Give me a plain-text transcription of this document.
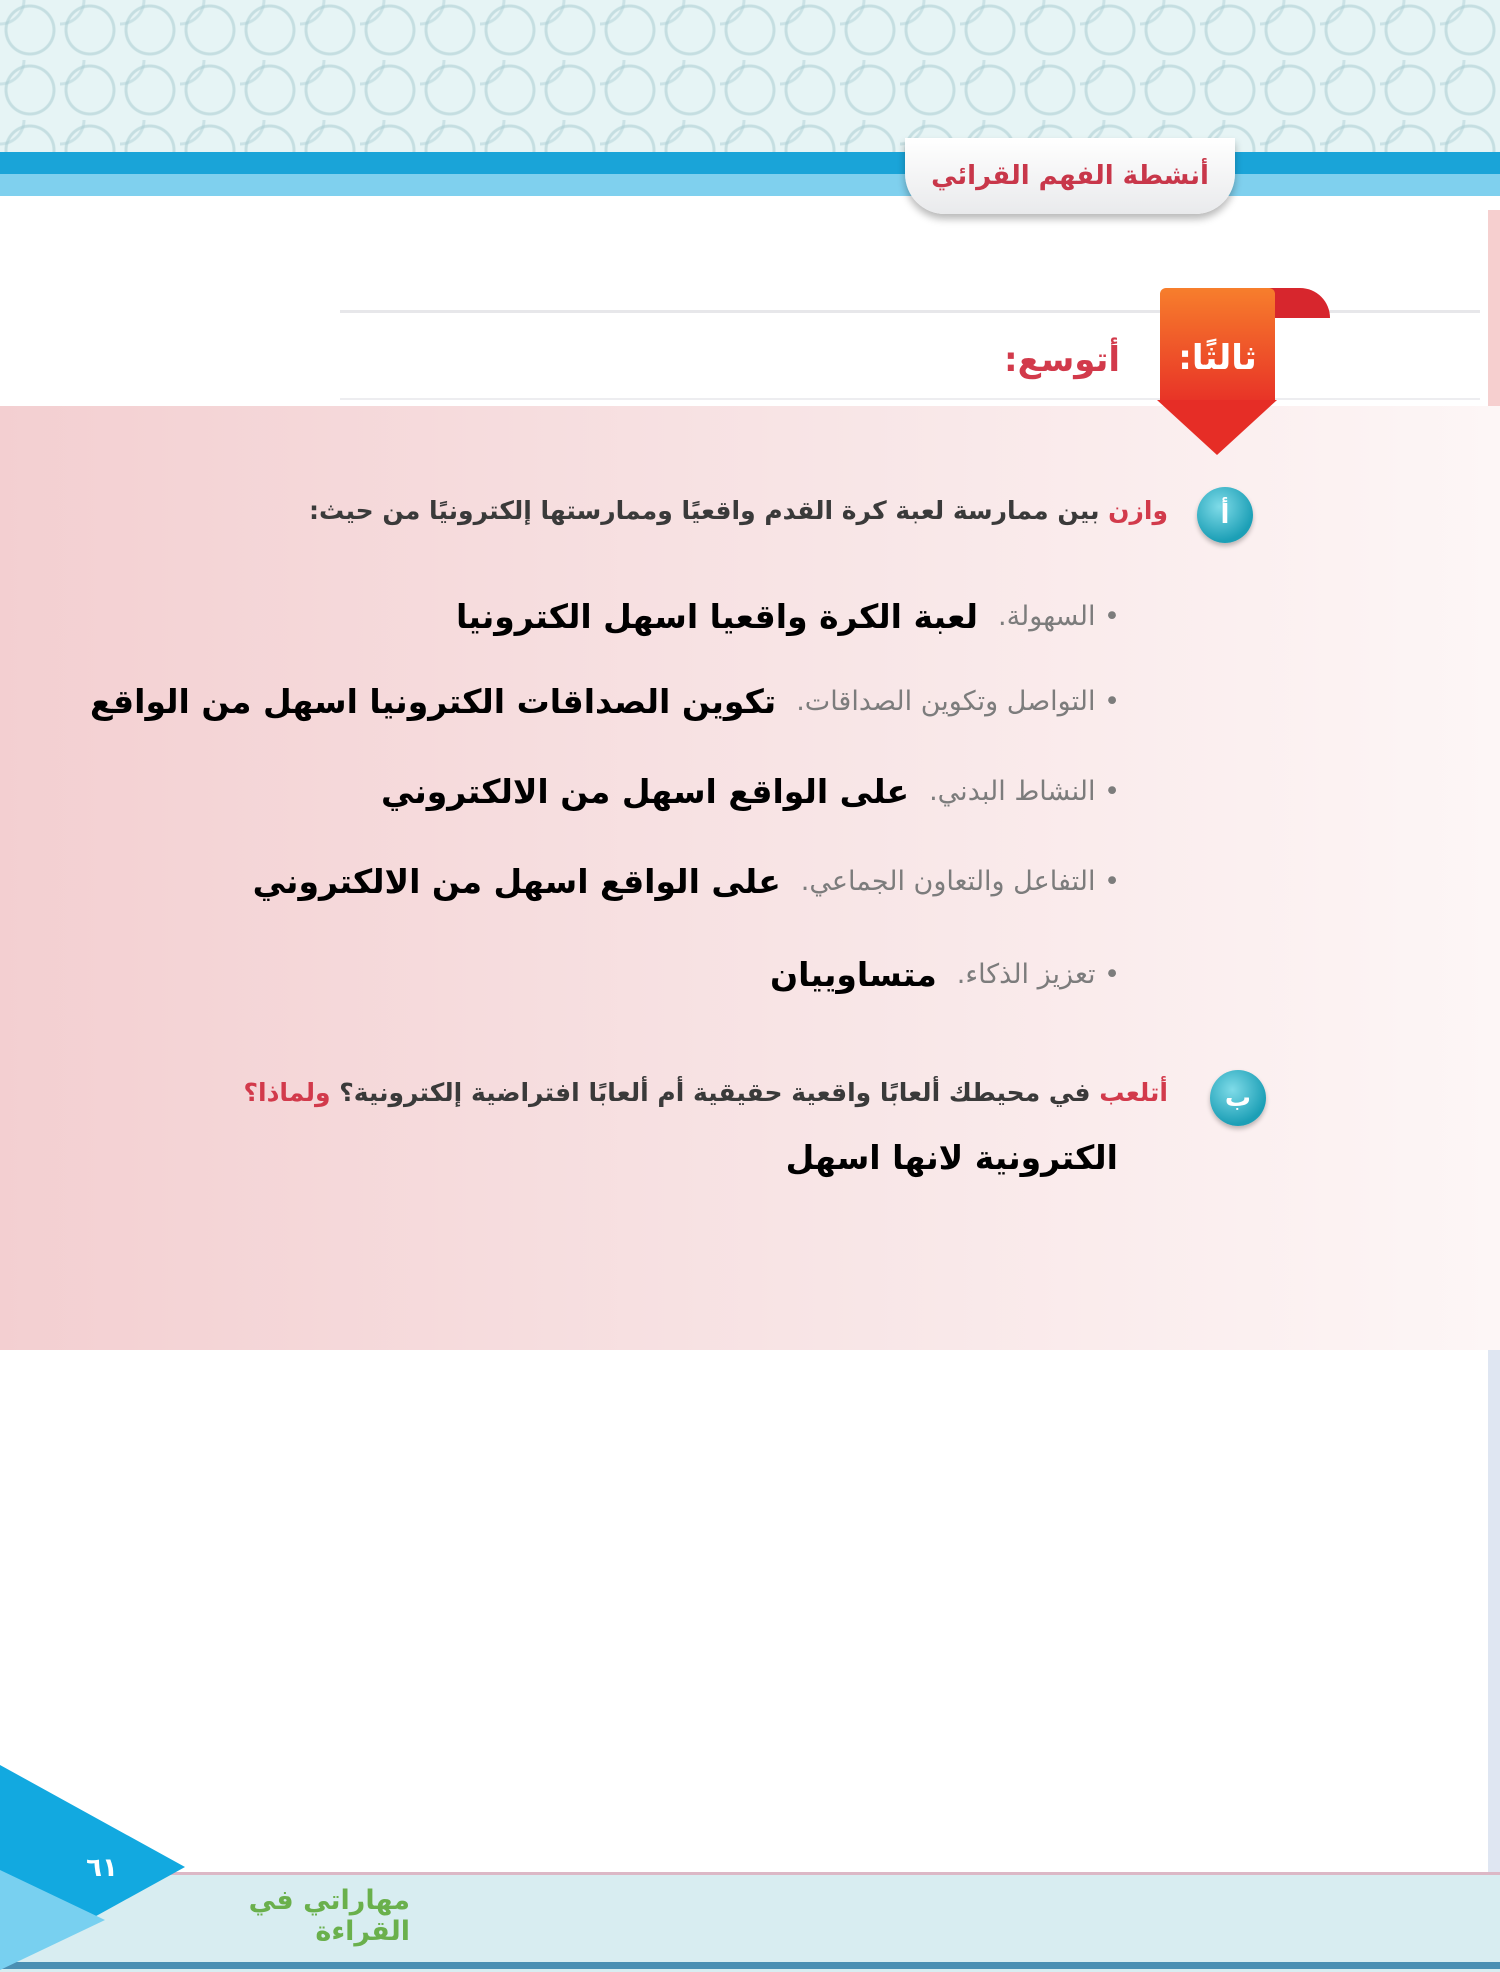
أنشطة الفهم القرائي
ثالثًا:
أتوسع:
أ
وازن بين ممارسة لعبة كرة القدم واقعيًا وممارستها إلكترونيًا من حيث:
• السهولة.
لعبة الكرة واقعيا اسهل الكترونيا
• التواصل وتكوين الصداقات.
تكوين الصداقات الكترونيا اسهل من الواقع
• النشاط البدني.
على الواقع اسهل من الالكتروني
• التفاعل والتعاون الجماعي.
على الواقع اسهل من الالكتروني
• تعزيز الذكاء.
متساوييان
ب
أتلعب في محيطك ألعابًا واقعية حقيقية أم ألعابًا افتراضية إلكترونية؟ ولماذا؟
الكترونية لانها اسهل
٦١
مهاراتي في القراءة
